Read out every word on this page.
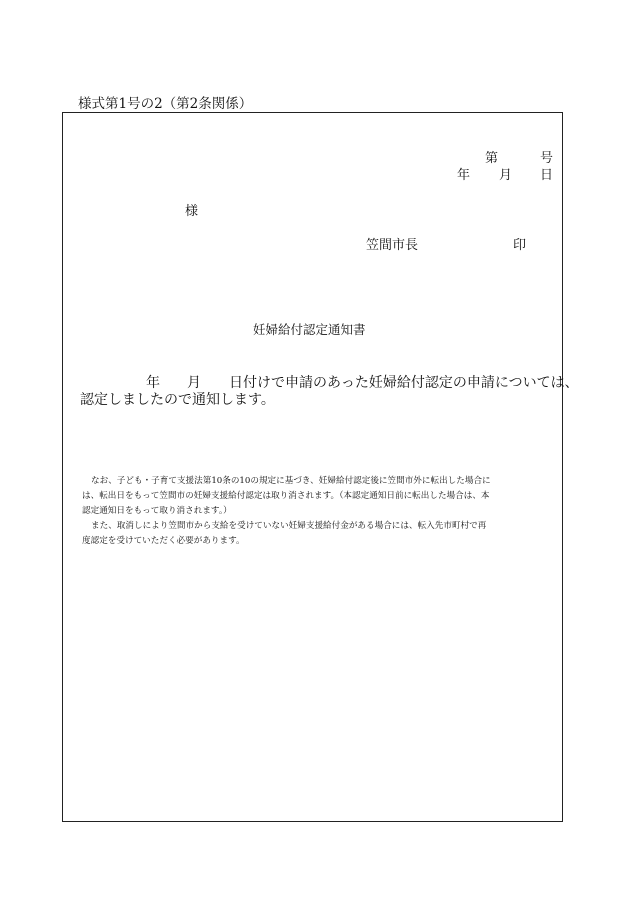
様式第1号の2（第2条関係）
第	号
年 月 日
様
笠間市長	印
妊婦給付認定通知書
年 月 日付けで申請のあった妊婦給付認定の申請については、
認定しましたので通知します。

なお、子ども・子育て支援法第10条の10の規定に基づき、妊婦給付認定後に笠間市外に転出した場合に

は、転出日をもって笠間市の妊婦支援給付認定は取り消されます。（本認定通知日前に転出した場合は、本

認定通知日をもって取り消されます。）

また、取消しにより笠間市から支給を受けていない妊婦支援給付金がある場合には、転入先市町村で再

度認定を受けていただく必要があります。
